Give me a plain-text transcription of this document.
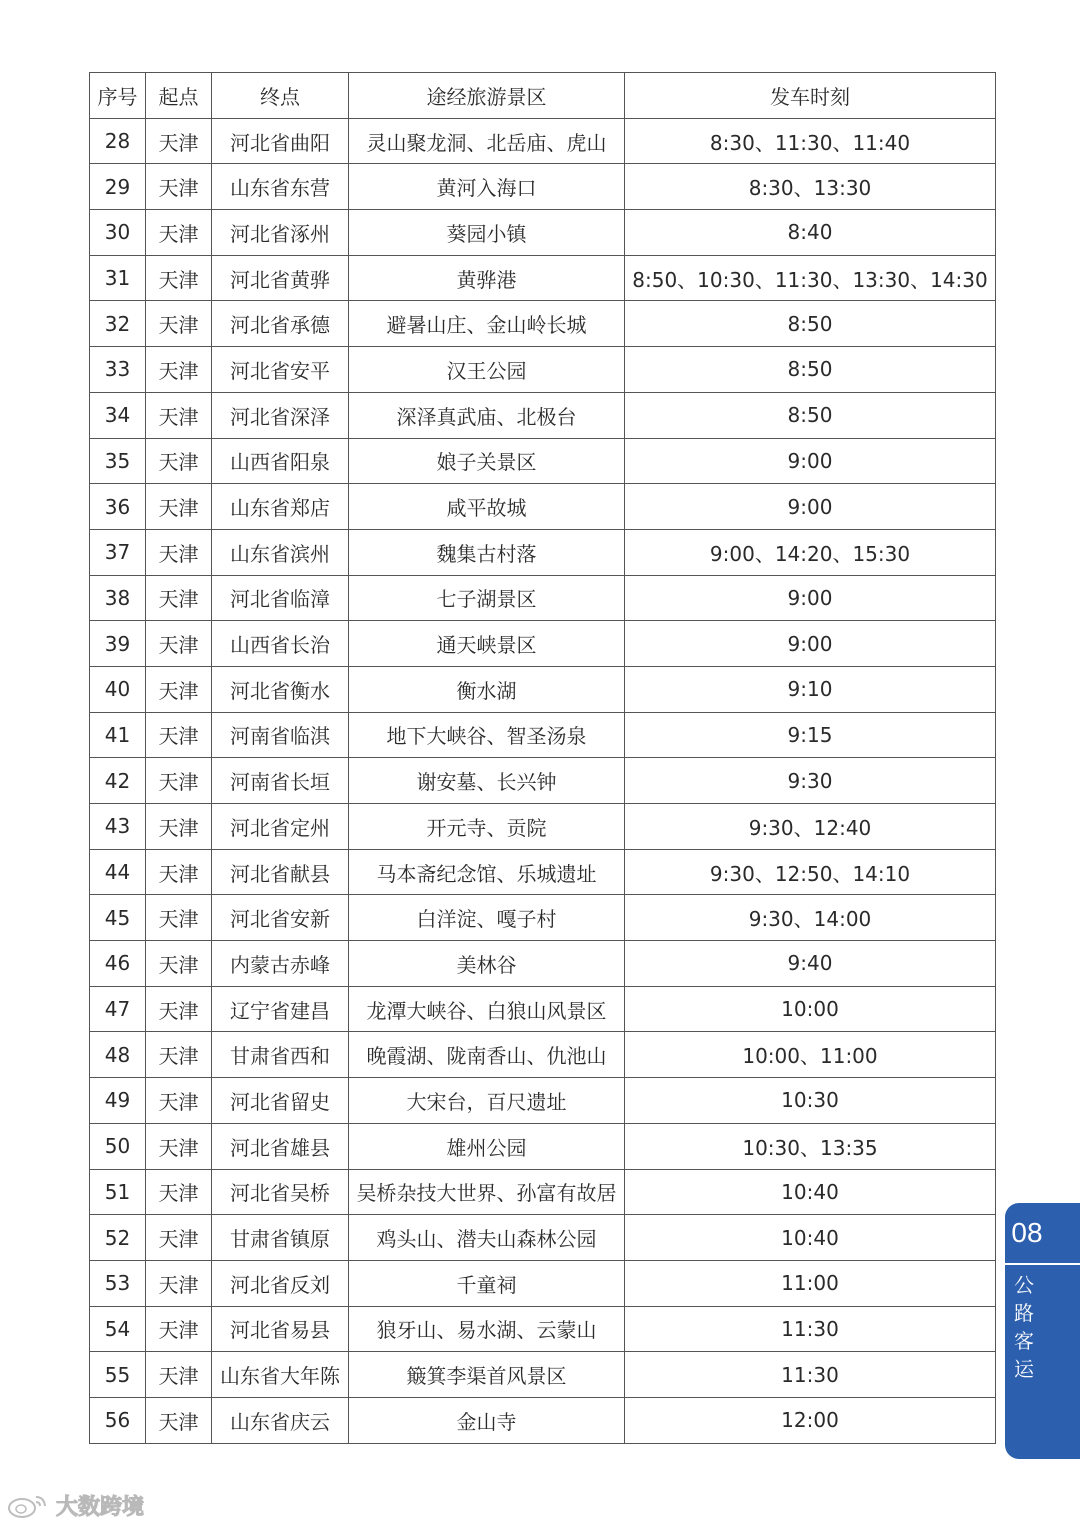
序号	起点	终点	途经旅游景区	发车时刻
28	天津	河北省曲阳	灵山聚龙洞、北岳庙、虎山	8:30、11:30、11:40
29	天津	山东省东营	黄河入海口	8:30、13:30
30	天津	河北省涿州	葵园小镇	8:40
31	天津	河北省黄骅	黄骅港	8:50、10:30、11:30、13:30、14:30
32	天津	河北省承德	避暑山庄、金山岭长城	8:50
33	天津	河北省安平	汉王公园	8:50
34	天津	河北省深泽	深泽真武庙、北极台	8:50
35	天津	山西省阳泉	娘子关景区	9:00
36	天津	山东省郑店	咸平故城	9:00
37	天津	山东省滨州	魏集古村落	9:00、14:20、15:30
38	天津	河北省临漳	七子湖景区	9:00
39	天津	山西省长治	通天峡景区	9:00
40	天津	河北省衡水	衡水湖	9:10
41	天津	河南省临淇	地下大峡谷、智圣汤泉	9:15
42	天津	河南省长垣	谢安墓、长兴钟	9:30
43	天津	河北省定州	开元寺、贡院	9:30、12:40
44	天津	河北省献县	马本斋纪念馆、乐城遗址	9:30、12:50、14:10
45	天津	河北省安新	白洋淀、嘎子村	9:30、14:00
46	天津	内蒙古赤峰	美林谷	9:40
47	天津	辽宁省建昌	龙潭大峡谷、白狼山风景区	10:00
48	天津	甘肃省西和	晚霞湖、陇南香山、仇池山	10:00、11:00
49	天津	河北省留史	大宋台，百尺遗址	10:30
50	天津	河北省雄县	雄州公园	10:30、13:35
51	天津	河北省吴桥	吴桥杂技大世界、孙富有故居	10:40
52	天津	甘肃省镇原	鸡头山、潜夫山森林公园	10:40
53	天津	河北省反刘	千童祠	11:00
54	天津	河北省易县	狼牙山、易水湖、云蒙山	11:30
55	天津	山东省大年陈	簸箕李渠首风景区	11:30
56	天津	山东省庆云	金山寺	12:00
08
公
路
客
运
大数跨境
